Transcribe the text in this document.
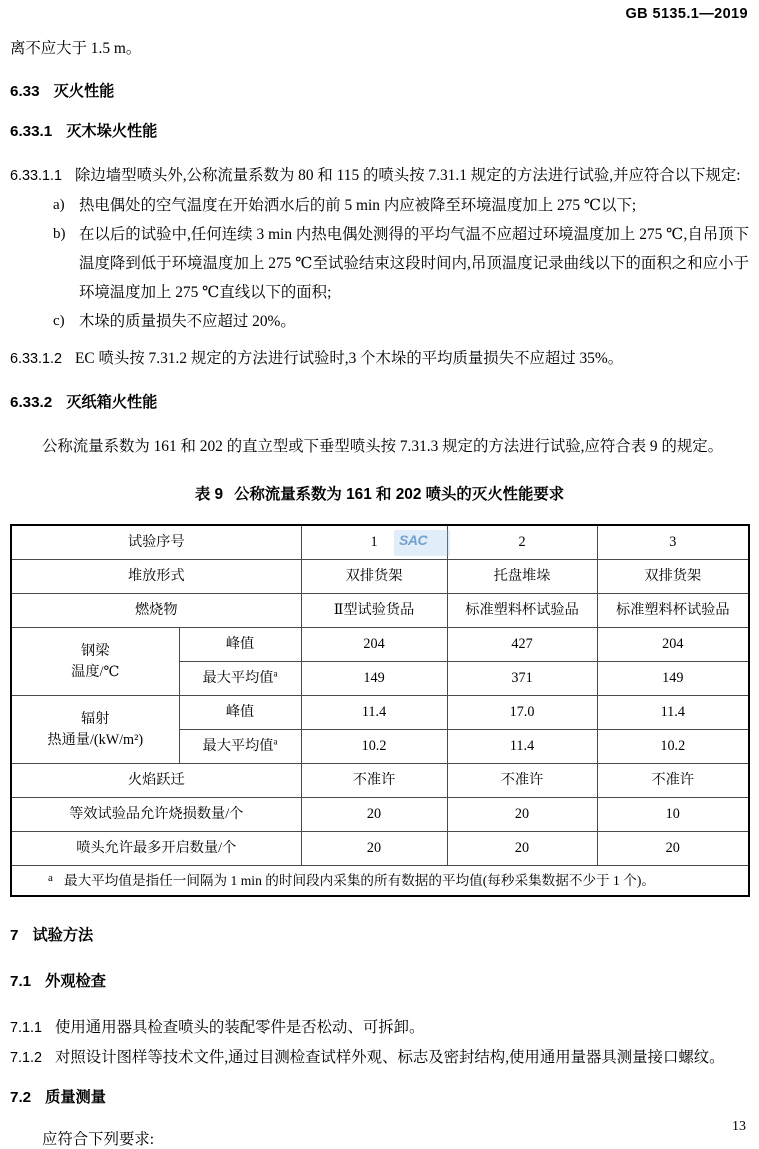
GB 5135.1—2019

离不应大于 1.5 m。

6.33 灭火性能
6.33.1 灭木垛火性能

6.33.1.1 除边墙型喷头外,公称流量系数为 80 和 115 的喷头按 7.31.1 规定的方法进行试验,并应符合以下规定:

a) 热电偶处的空气温度在开始洒水后的前 5 min 内应被降至环境温度加上 275 ℃以下;
b) 在以后的试验中,任何连续 3 min 内热电偶处测得的平均气温不应超过环境温度加上 275 ℃,自吊顶下温度降到低于环境温度加上 275 ℃至试验结束这段时间内,吊顶温度记录曲线以下的面积之和应小于环境温度加上 275 ℃直线以下的面积;
c) 木垛的质量损失不应超过 20%。

6.33.1.2 EC 喷头按 7.31.2 规定的方法进行试验时,3 个木垛的平均质量损失不应超过 35%。

6.33.2 灭纸箱火性能

公称流量系数为 161 和 202 的直立型或下垂型喷头按 7.31.3 规定的方法进行试验,应符合表 9 的规定。

表 9 公称流量系数为 161 和 202 喷头的灭火性能要求
SAC
试验序号		1	2	3
堆放形式		双排货架	托盘堆垛	双排货架
燃烧物		Ⅱ型试验货品	标准塑料杯试验品	标准塑料杯试验品
钢梁
温度/℃	峰值	204	427	204
	最大平均值$^a$	149	371	149
辐射
热通量/(kW/m²)	峰值	11.4	17.0	11.4
	最大平均值$^a$	10.2	11.4	10.2
火焰跃迁		不准许	不准许	不准许
等效试验品允许烧损数量/个		20	20	10
喷头允许最多开启数量/个		20	20	20

a 最大平均值是指任一间隔为 1 min 的时间段内采集的所有数据的平均值(每秒采集数据不少于 1 个)。				
7 试验方法
7.1 外观检查

7.1.1 使用通用器具检查喷头的装配零件是否松动、可拆卸。

7.1.2 对照设计图样等技术文件,通过目测检查试样外观、标志及密封结构,使用通用量器具测量接口螺纹。

7.2 质量测量

应符合下列要求:

13
